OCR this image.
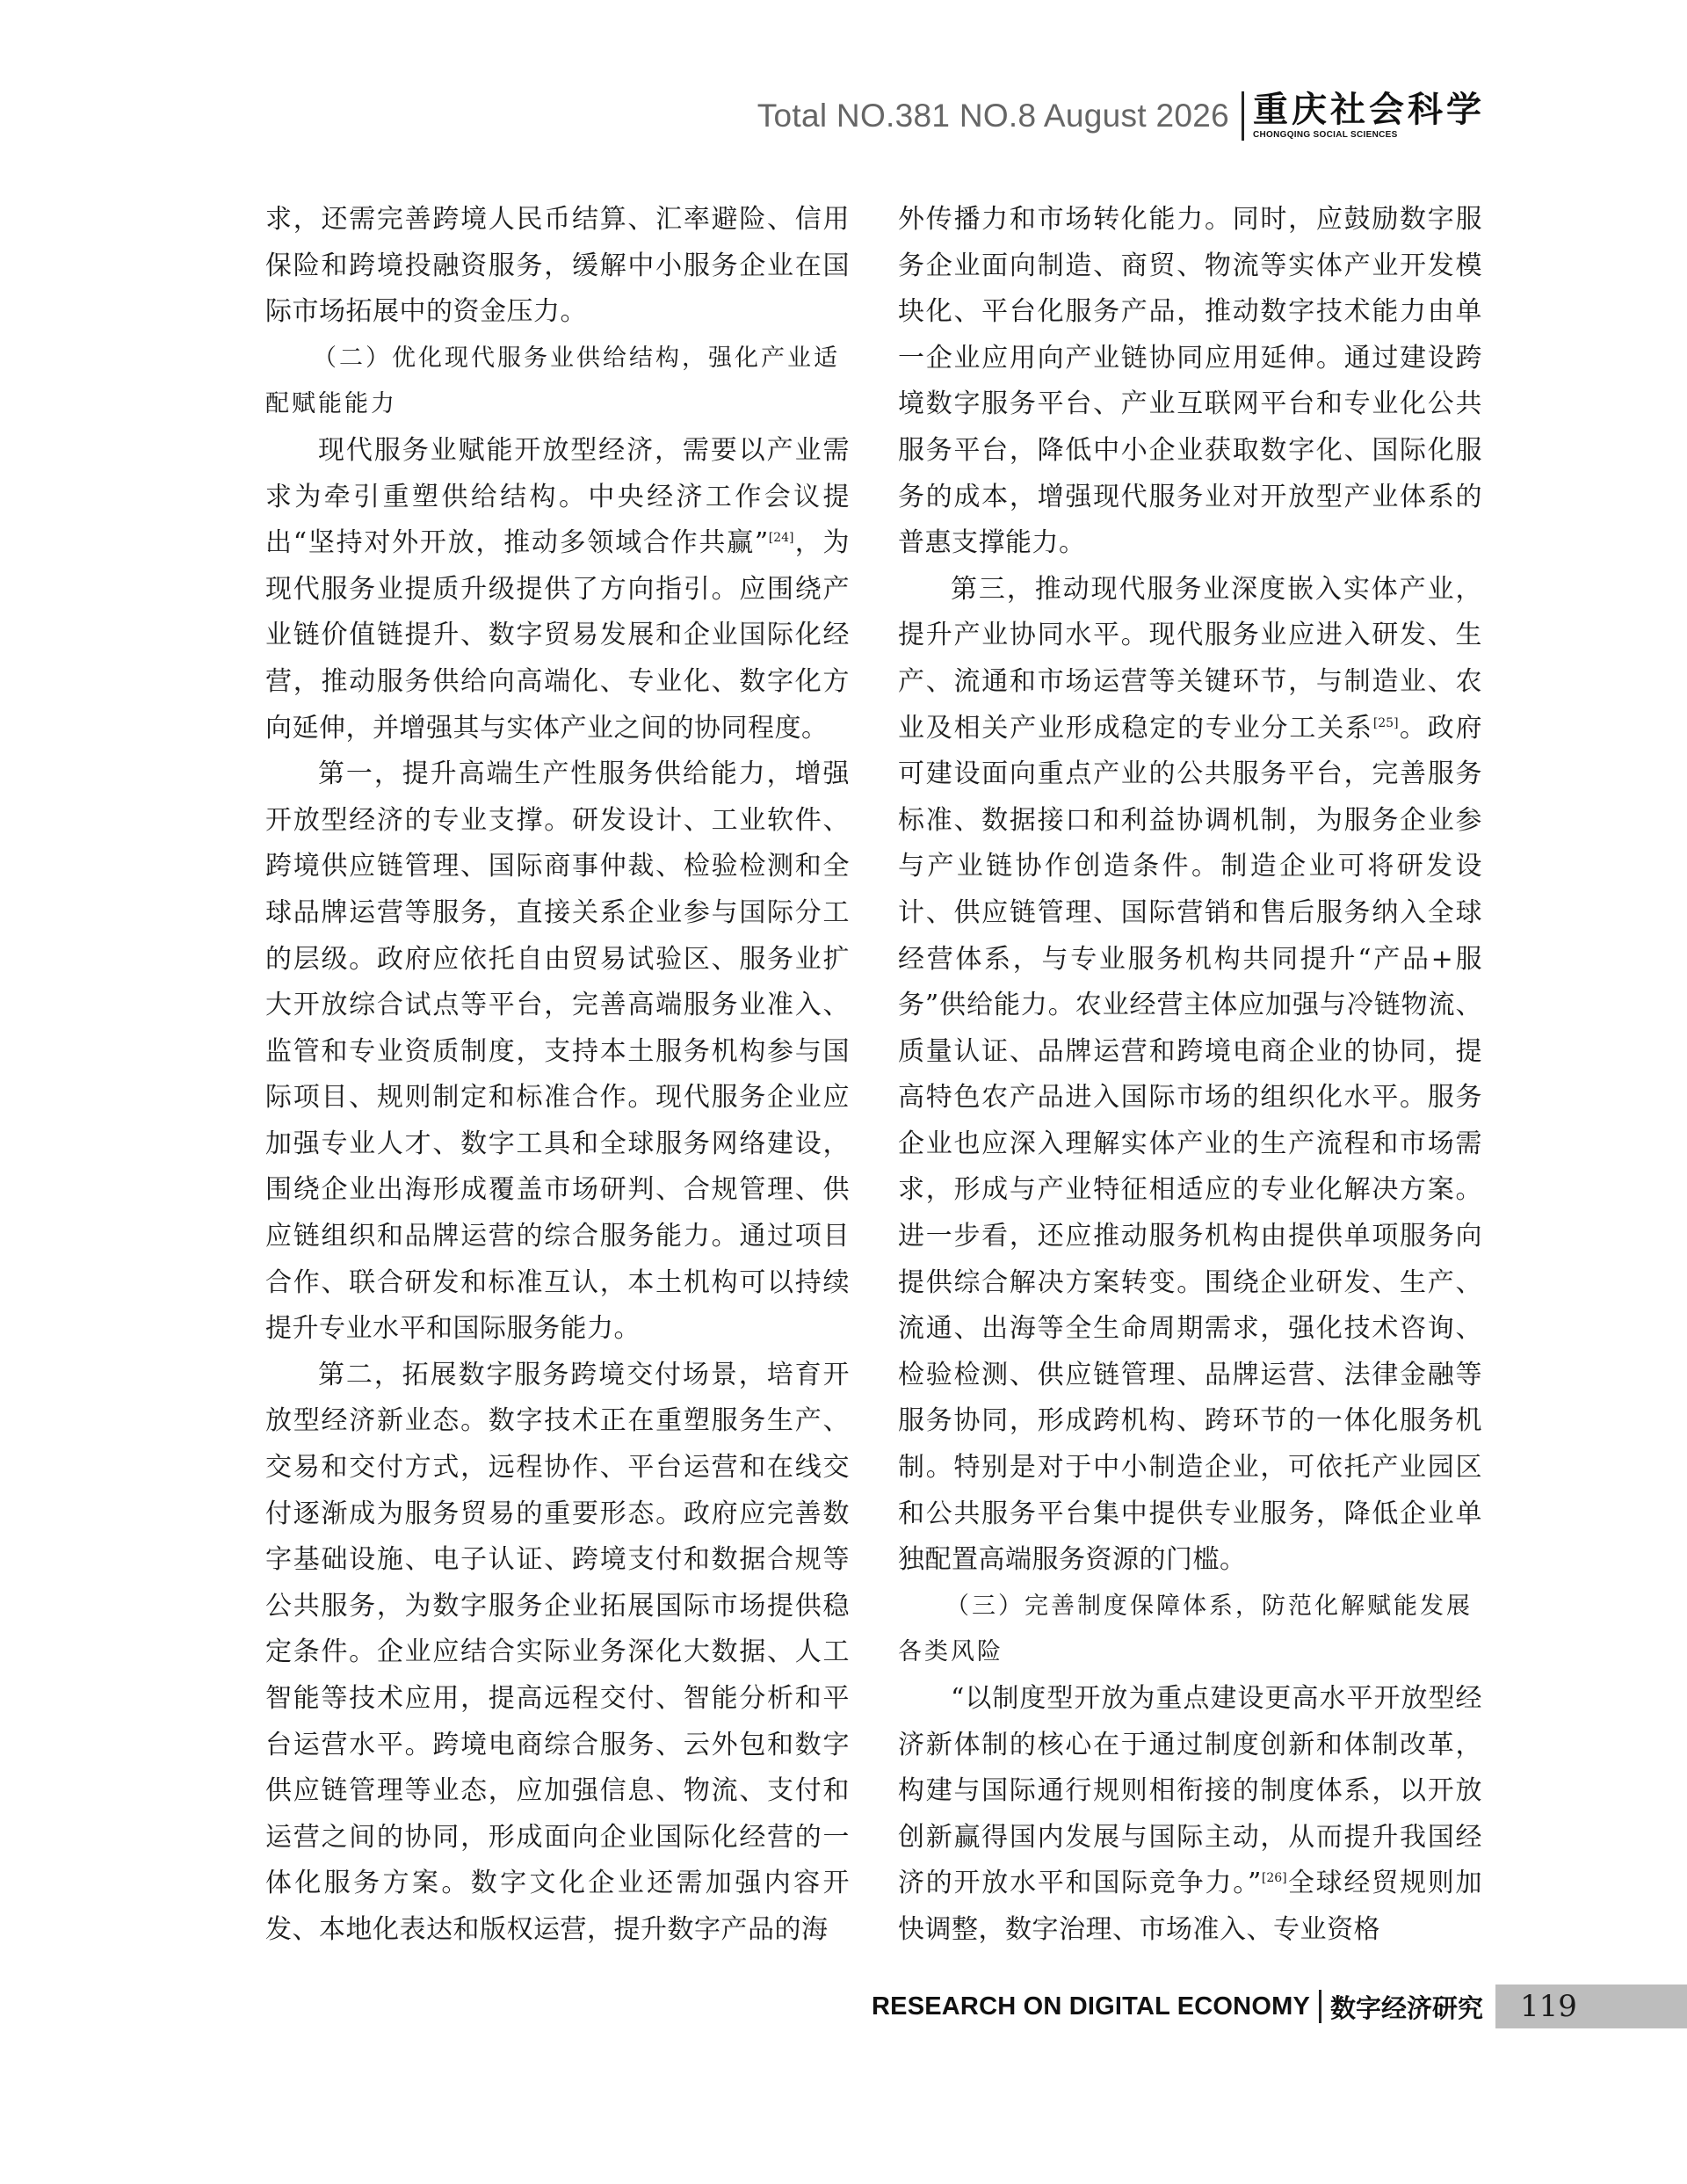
Total NO.381 NO.8 August 2026 重庆社会科学
CHONGQING SOCIAL SCIENCES

求，还需完善跨境人民币结算、汇率避险、信用保险和跨境投融资服务，缓解中小服务企业在国际市场拓展中的资金压力。

（二）优化现代服务业供给结构，强化产业适配赋能能力

现代服务业赋能开放型经济，需要以产业需求为牵引重塑供给结构。中央经济工作会议提出“坚持对外开放，推动多领域合作共赢”[24]，为现代服务业提质升级提供了方向指引。应围绕产业链价值链提升、数字贸易发展和企业国际化经营，推动服务供给向高端化、专业化、数字化方向延伸，并增强其与实体产业之间的协同程度。

第一，提升高端生产性服务供给能力，增强开放型经济的专业支撑。研发设计、工业软件、跨境供应链管理、国际商事仲裁、检验检测和全球品牌运营等服务，直接关系企业参与国际分工的层级。政府应依托自由贸易试验区、服务业扩大开放综合试点等平台，完善高端服务业准入、监管和专业资质制度，支持本土服务机构参与国际项目、规则制定和标准合作。现代服务企业应加强专业人才、数字工具和全球服务网络建设，围绕企业出海形成覆盖市场研判、合规管理、供应链组织和品牌运营的综合服务能力。通过项目合作、联合研发和标准互认，本土机构可以持续提升专业水平和国际服务能力。

第二，拓展数字服务跨境交付场景，培育开放型经济新业态。数字技术正在重塑服务生产、交易和交付方式，远程协作、平台运营和在线交付逐渐成为服务贸易的重要形态。政府应完善数字基础设施、电子认证、跨境支付和数据合规等公共服务，为数字服务企业拓展国际市场提供稳定条件。企业应结合实际业务深化大数据、人工智能等技术应用，提高远程交付、智能分析和平台运营水平。跨境电商综合服务、云外包和数字供应链管理等业态，应加强信息、物流、支付和运营之间的协同，形成面向企业国际化经营的一体化服务方案。数字文化企业还需加强内容开发、本地化表达和版权运营，提升数字产品的海

外传播力和市场转化能力。同时，应鼓励数字服务企业面向制造、商贸、物流等实体产业开发模块化、平台化服务产品，推动数字技术能力由单一企业应用向产业链协同应用延伸。通过建设跨境数字服务平台、产业互联网平台和专业化公共服务平台，降低中小企业获取数字化、国际化服务的成本，增强现代服务业对开放型产业体系的普惠支撑能力。

第三，推动现代服务业深度嵌入实体产业，提升产业协同水平。现代服务业应进入研发、生产、流通和市场运营等关键环节，与制造业、农业及相关产业形成稳定的专业分工关系[25]。政府可建设面向重点产业的公共服务平台，完善服务标准、数据接口和利益协调机制，为服务企业参与产业链协作创造条件。制造企业可将研发设计、供应链管理、国际营销和售后服务纳入全球经营体系，与专业服务机构共同提升“产品+服务”供给能力。农业经营主体应加强与冷链物流、质量认证、品牌运营和跨境电商企业的协同，提高特色农产品进入国际市场的组织化水平。服务企业也应深入理解实体产业的生产流程和市场需求，形成与产业特征相适应的专业化解决方案。进一步看，还应推动服务机构由提供单项服务向提供综合解决方案转变。围绕企业研发、生产、流通、出海等全生命周期需求，强化技术咨询、检验检测、供应链管理、品牌运营、法律金融等服务协同，形成跨机构、跨环节的一体化服务机制。特别是对于中小制造企业，可依托产业园区和公共服务平台集中提供专业服务，降低企业单独配置高端服务资源的门槛。

（三）完善制度保障体系，防范化解赋能发展各类风险

“以制度型开放为重点建设更高水平开放型经济新体制的核心在于通过制度创新和体制改革，构建与国际通行规则相衔接的制度体系，以开放创新赢得国内发展与国际主动，从而提升我国经济的开放水平和国际竞争力。”[26]全球经贸规则加快调整，数字治理、市场准入、专业资格

RESEARCH ON DIGITAL ECONOMY 数字经济研究 119
